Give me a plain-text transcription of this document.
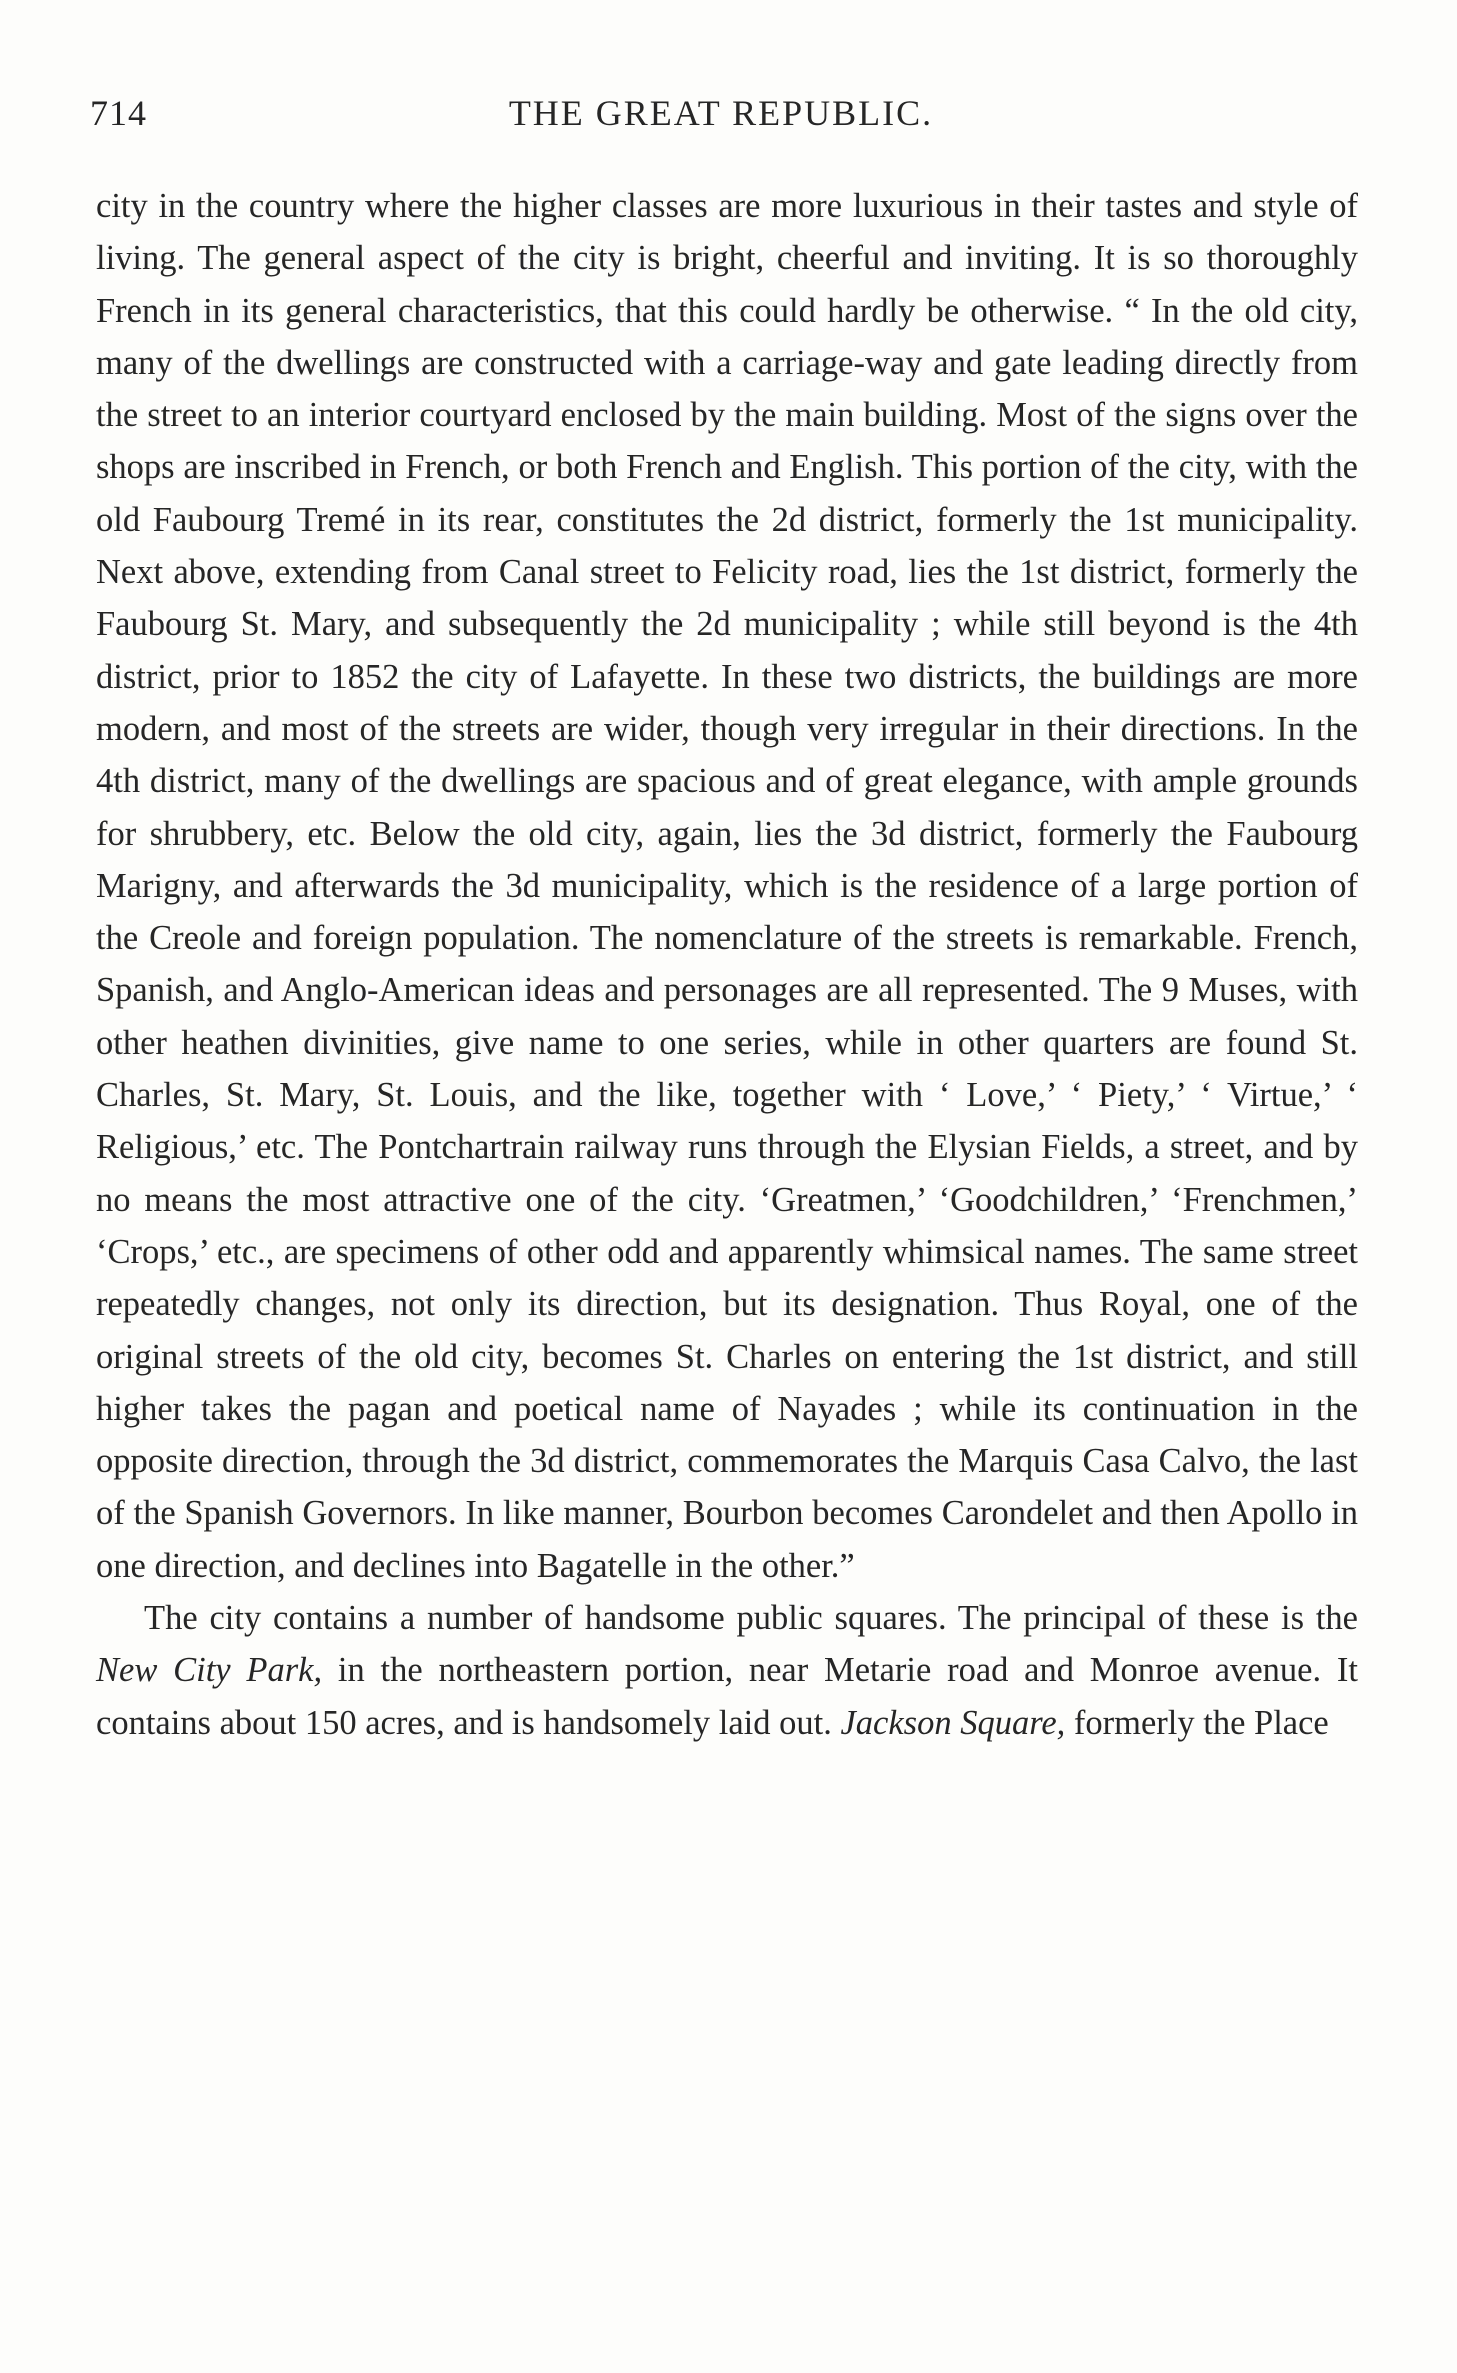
714	THE GREAT REPUBLIC.

city in the country where the higher classes are more luxurious in their tastes and style of living. The general aspect of the city is bright, cheerful and inviting. It is so thoroughly French in its general characteristics, that this could hardly be otherwise. “ In the old city, many of the dwellings are constructed with a carriage-way and gate leading directly from the street to an interior courtyard enclosed by the main building. Most of the signs over the shops are inscribed in French, or both French and English. This portion of the city, with the old Faubourg Tremé in its rear, constitutes the 2d district, formerly the 1st municipality. Next above, extending from Canal street to Felicity road, lies the 1st district, formerly the Faubourg St. Mary, and subsequently the 2d municipality ; while still beyond is the 4th district, prior to 1852 the city of Lafayette. In these two districts, the buildings are more modern, and most of the streets are wider, though very irregular in their directions. In the 4th district, many of the dwellings are spacious and of great elegance, with ample grounds for shrubbery, etc. Below the old city, again, lies the 3d district, formerly the Faubourg Marigny, and afterwards the 3d municipality, which is the residence of a large portion of the Creole and foreign population. The nomenclature of the streets is remarkable. French, Spanish, and Anglo-American ideas and personages are all represented. The 9 Muses, with other heathen divinities, give name to one series, while in other quarters are found St. Charles, St. Mary, St. Louis, and the like, together with ‘ Love,’ ‘ Piety,’ ‘ Virtue,’ ‘ Religious,’ etc. The Pontchartrain railway runs through the Elysian Fields, a street, and by no means the most attractive one of the city. ‘Greatmen,’ ‘Goodchildren,’ ‘Frenchmen,’ ‘Crops,’ etc., are specimens of other odd and apparently whimsical names. The same street repeatedly changes, not only its direction, but its designation. Thus Royal, one of the original streets of the old city, becomes St. Charles on entering the 1st district, and still higher takes the pagan and poetical name of Nayades ; while its continuation in the opposite direction, through the 3d district, commemorates the Marquis Casa Calvo, the last of the Spanish Governors. In like manner, Bourbon becomes Carondelet and then Apollo in one direction, and declines into Bagatelle in the other.”

The city contains a number of handsome public squares. The principal of these is the New City Park, in the northeastern portion, near Metarie road and Monroe avenue. It contains about 150 acres, and is handsomely laid out. Jackson Square, formerly the Place
